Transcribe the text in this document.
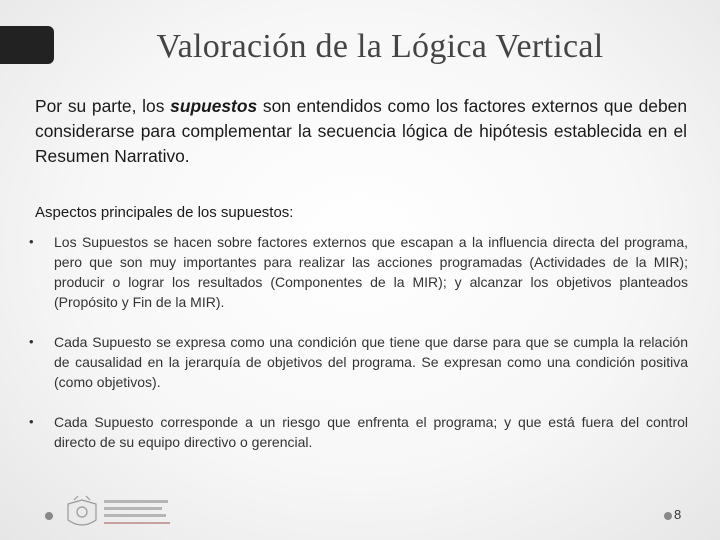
Valoración de la Lógica Vertical

Por su parte, los supuestos son entendidos como los factores externos que deben considerarse para complementar la secuencia lógica de hipótesis establecida en el Resumen Narrativo.

Aspectos principales de los supuestos:
• Los Supuestos se hacen sobre factores externos que escapan a la influencia directa del programa, pero que son muy importantes para realizar las acciones programadas (Actividades de la MIR); producir o lograr los resultados (Componentes de la MIR); y alcanzar los objetivos planteados (Propósito y Fin de la MIR).
• Cada Supuesto se expresa como una condición que tiene que darse para que se cumpla la relación de causalidad en la jerarquía de objetivos del programa. Se expresan como una condición positiva (como objetivos).
• Cada Supuesto corresponde a un riesgo que enfrenta el programa; y que está fuera del control directo de su equipo directivo o gerencial.
8
